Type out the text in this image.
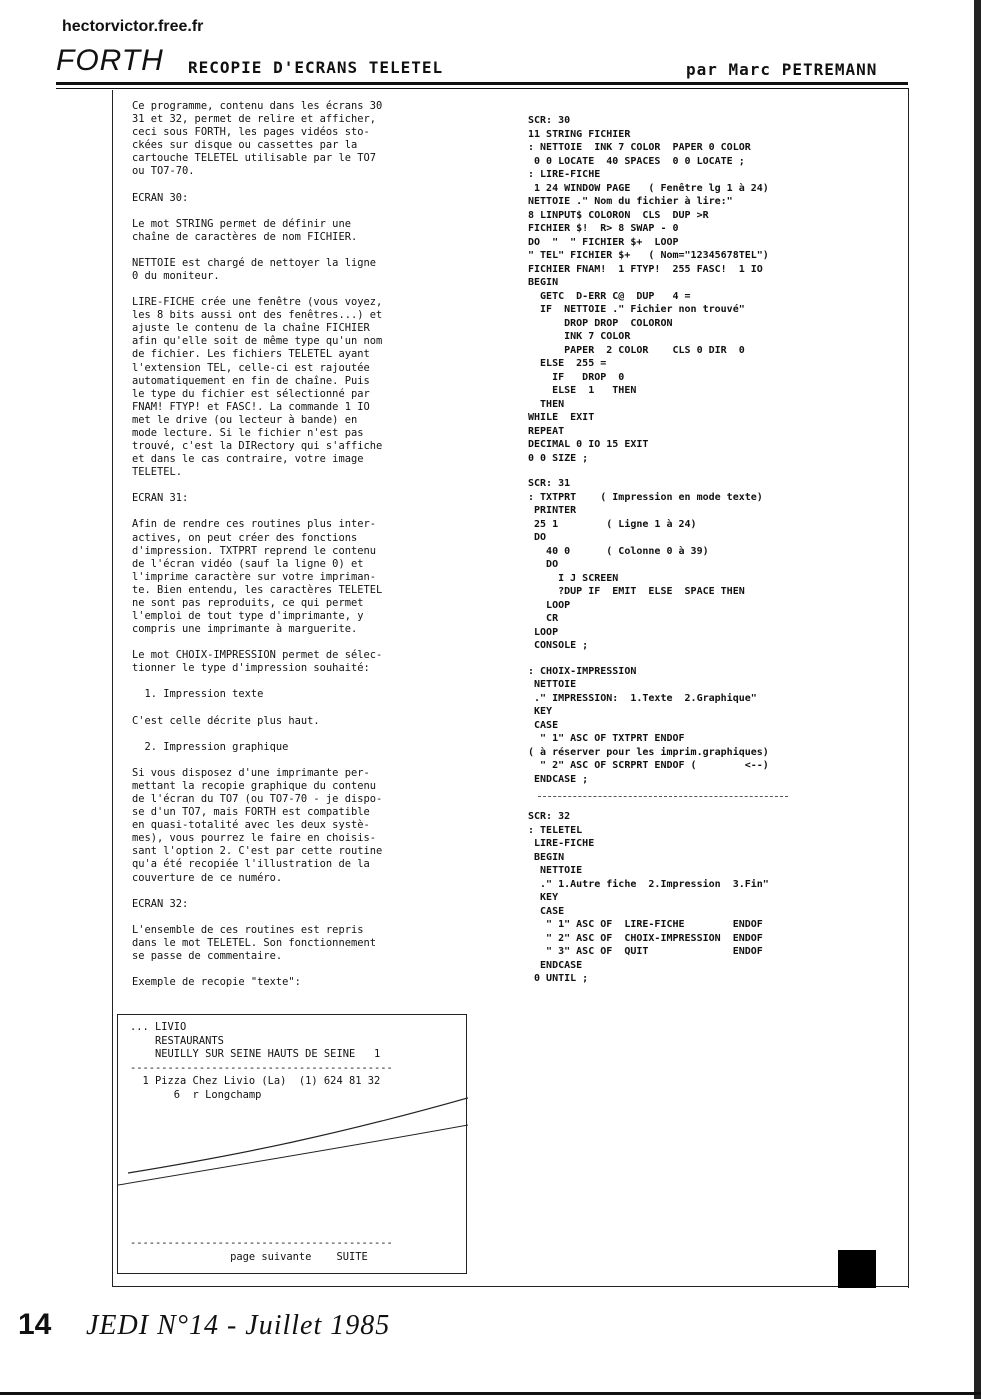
hectorvictor.free.fr
FORTH RECOPIE D'ECRANS TELETEL	par Marc PETREMANN

Ce programme, contenu dans les écrans 30
31 et 32, permet de relire et afficher,
ceci sous FORTH, les pages vidéos sto-
ckées sur disque ou cassettes par la
cartouche TELETEL utilisable par le TO7
ou TO7-70.

ECRAN 30:

Le mot STRING permet de définir une
chaîne de caractères de nom FICHIER.

NETTOIE est chargé de nettoyer la ligne
0 du moniteur.

LIRE-FICHE crée une fenêtre (vous voyez,
les 8 bits aussi ont des fenêtres...) et
ajuste le contenu de la chaîne FICHIER
afin qu'elle soit de même type qu'un nom
de fichier. Les fichiers TELETEL ayant
l'extension TEL, celle-ci est rajoutée
automatiquement en fin de chaîne. Puis
le type du fichier est sélectionné par
FNAM! FTYP! et FASC!. La commande 1 IO
met le drive (ou lecteur à bande) en
mode lecture. Si le fichier n'est pas
trouvé, c'est la DIRectory qui s'affiche
et dans le cas contraire, votre image
TELETEL.

ECRAN 31:

Afin de rendre ces routines plus inter-
actives, on peut créer des fonctions
d'impression. TXTPRT reprend le contenu
de l'écran vidéo (sauf la ligne 0) et
l'imprime caractère sur votre impriman-
te. Bien entendu, les caractères TELETEL
ne sont pas reproduits, ce qui permet
l'emploi de tout type d'imprimante, y
compris une imprimante à marguerite.

Le mot CHOIX-IMPRESSION permet de sélec-
tionner le type d'impression souhaité:

1. Impression texte

C'est celle décrite plus haut.

2. Impression graphique

Si vous disposez d'une imprimante per-
mettant la recopie graphique du contenu
de l'écran du TO7 (ou TO7-70 - je dispo-
se d'un TO7, mais FORTH est compatible
en quasi-totalité avec les deux systè-
mes), vous pourrez le faire en choisis-
sant l'option 2. C'est par cette routine
qu'a été recopiée l'illustration de la
couverture de ce numéro.

ECRAN 32:

L'ensemble de ces routines est repris
dans le mot TELETEL. Son fonctionnement
se passe de commentaire.

Exemple de recopie "texte":

SCR: 30
11 STRING FICHIER
: NETTOIE  INK 7 COLOR  PAPER 0 COLOR
0 0 LOCATE  40 SPACES  0 0 LOCATE ;
: LIRE-FICHE
1 24 WINDOW PAGE   ( Fenêtre lg 1 à 24)
NETTOIE ." Nom du fichier à lire:"
8 LINPUT$ COLORON  CLS  DUP >R
FICHIER $!  R> 8 SWAP - 0
DO  "  " FICHIER $+  LOOP
" TEL" FICHIER $+   ( Nom="12345678TEL")
FICHIER FNAM!  1 FTYP!  255 FASC!  1 IO
BEGIN
GETC  D-ERR C@  DUP   4 =
IF  NETTOIE ." Fichier non trouvé"
DROP DROP  COLORON
INK 7 COLOR
PAPER  2 COLOR    CLS 0 DIR  0
ELSE  255 =
IF   DROP  0
ELSE  1   THEN
THEN
WHILE  EXIT
REPEAT
DECIMAL 0 IO 15 EXIT
0 0 SIZE ;
SCR: 31
: TXTPRT    ( Impression en mode texte)
PRINTER
25 1        ( Ligne 1 à 24)
DO
40 0      ( Colonne 0 à 39)
DO
I J SCREEN
?DUP IF  EMIT  ELSE  SPACE THEN
LOOP
CR
LOOP
CONSOLE ;
: CHOIX-IMPRESSION
NETTOIE
." IMPRESSION:  1.Texte  2.Graphique"
KEY
CASE
" 1" ASC OF TXTPRT ENDOF
( à réserver pour les imprim.graphiques)
" 2" ASC OF SCRPRT ENDOF (        <--)
ENDCASE ;
SCR: 32
: TELETEL
LIRE-FICHE
BEGIN
NETTOIE
." 1.Autre fiche  2.Impression  3.Fin"
KEY
CASE
" 1" ASC OF  LIRE-FICHE        ENDOF
" 2" ASC OF  CHOIX-IMPRESSION  ENDOF
" 3" ASC OF  QUIT              ENDOF
ENDCASE
0 UNTIL ;
... LIVIO
RESTAURANTS
NEUILLY SUR SEINE HAUTS DE SEINE   1
------------------------------------------
1 Pizza Chez Livio (La)  (1) 624 81 32
6  r Longchamp
------------------------------------------
page suivante    SUITE
14 JEDI N°14 - Juillet 1985
